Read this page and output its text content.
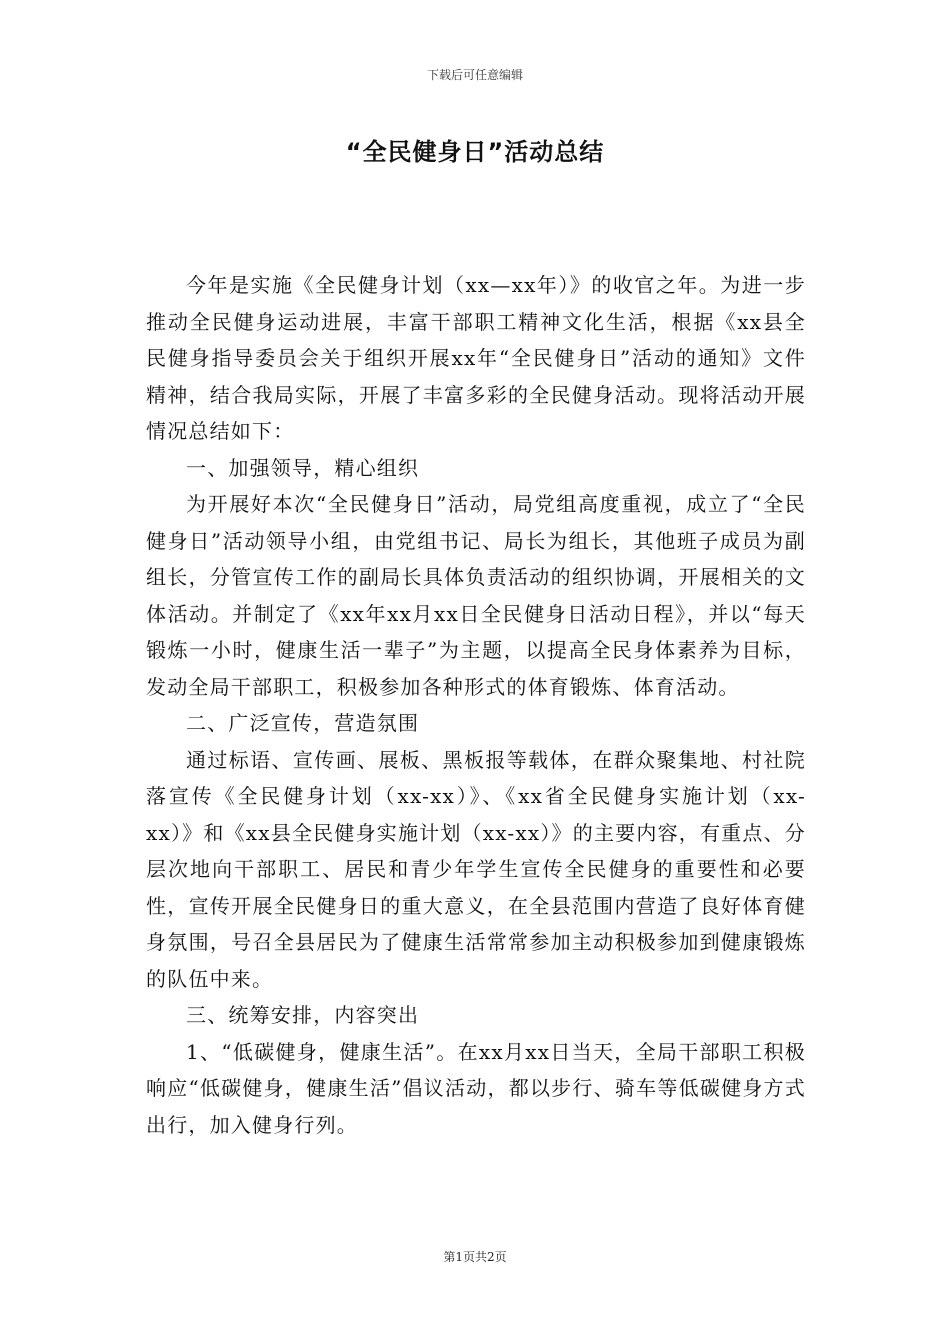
下载后可任意编辑
“全民健身日”活动总结

今年是实施《全民健身计划（xx—xx年）》的收官之年。为进一步推动全民健身运动进展，丰富干部职工精神文化生活，根据《xx县全民健身指导委员会关于组织开展xx年“全民健身日”活动的通知》文件精神，结合我局实际，开展了丰富多彩的全民健身活动。现将活动开展情况总结如下：

一、加强领导，精心组织

为开展好本次“全民健身日”活动，局党组高度重视，成立了“全民健身日”活动领导小组，由党组书记、局长为组长，其他班子成员为副组长，分管宣传工作的副局长具体负责活动的组织协调，开展相关的文体活动。并制定了《xx年xx月xx日全民健身日活动日程》，并以“每天锻炼一小时，健康生活一辈子”为主题，以提高全民身体素养为目标，发动全局干部职工，积极参加各种形式的体育锻炼、体育活动。

二、广泛宣传，营造氛围

通过标语、宣传画、展板、黑板报等载体，在群众聚集地、村社院落宣传《全民健身计划（xx-xx）》、《xx省全民健身实施计划（xx-xx）》和《xx县全民健身实施计划（xx-xx）》的主要内容，有重点、分层次地向干部职工、居民和青少年学生宣传全民健身的重要性和必要性，宣传开展全民健身日的重大意义，在全县范围内营造了良好体育健身氛围，号召全县居民为了健康生活常常参加主动积极参加到健康锻炼的队伍中来。

三、统筹安排，内容突出

1、“低碳健身，健康生活”。在xx月xx日当天，全局干部职工积极响应“低碳健身，健康生活”倡议活动，都以步行、骑车等低碳健身方式出行，加入健身行列。

第1页共2页
